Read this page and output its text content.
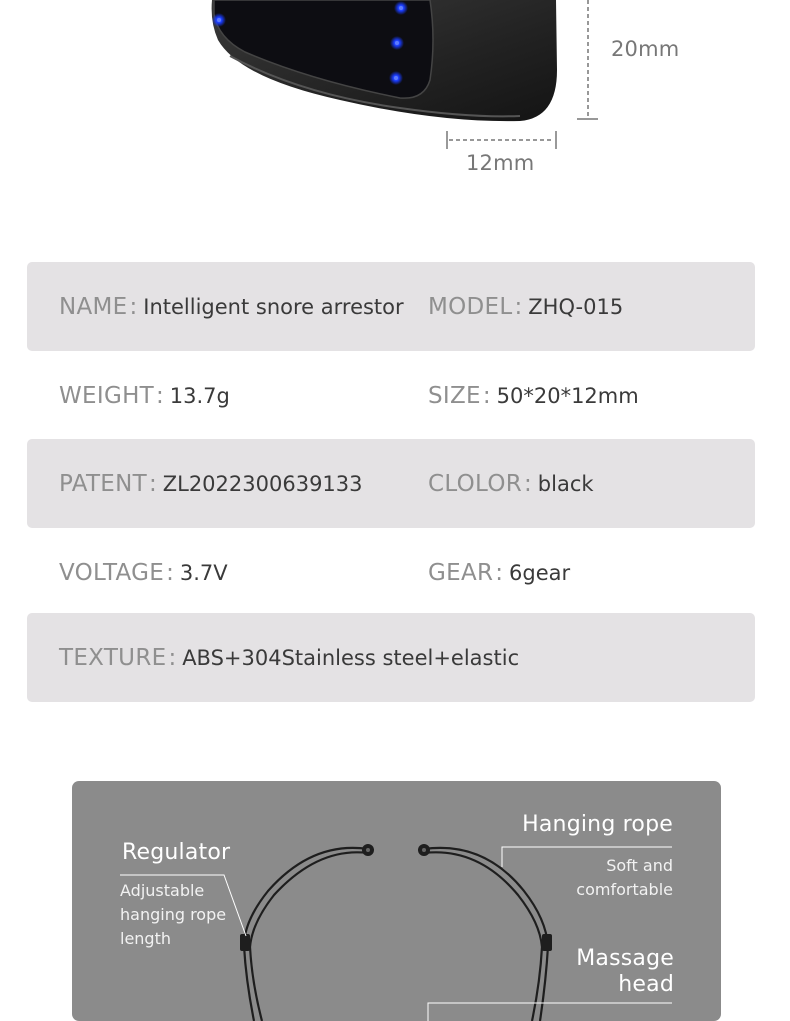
20mm
12mm
NAME : Intelligent snore arrestor MODEL : ZHQ-015
WEIGHT : 13.7g	SIZE : 50*20*12mm
PATENT : ZL2022300639133	CLOLOR : black
VOLTAGE : 3.7V	GEAR : 6gear
TEXTURE : ABS+304Stainless steel+elastic
Regulator
Adjustable hanging rope length
Hanging rope
Soft and comfortable
Massage head
